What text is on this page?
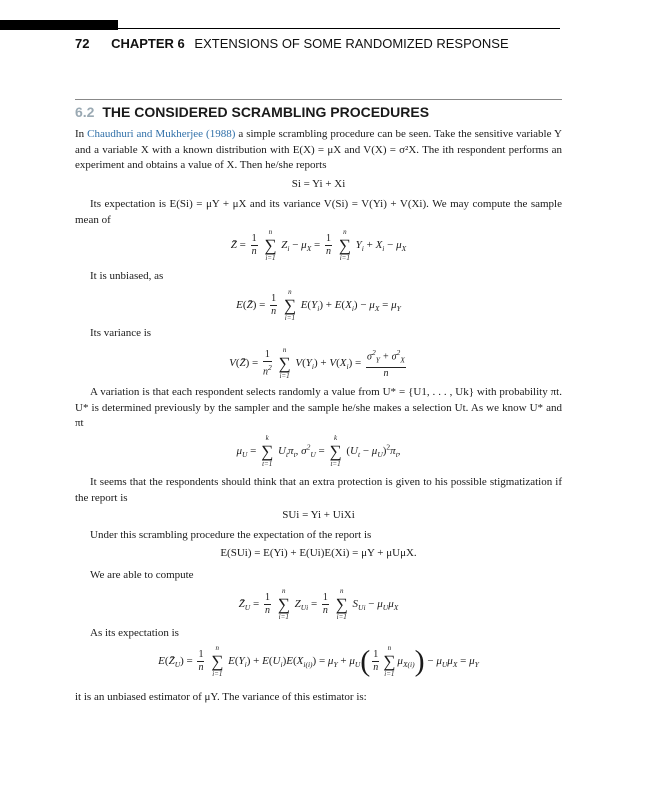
72 CHAPTER 6 EXTENSIONS OF SOME RANDOMIZED RESPONSE
6.2 THE CONSIDERED SCRAMBLING PROCEDURES
In Chaudhuri and Mukherjee (1988) a simple scrambling procedure can be seen. Take the sensitive variable Y and a variable X with a known distribution with E(X) = μX and V(X) = σ²X. The ith respondent performs an experiment and obtains a value of X. Then he/she reports
Si = Yi + Xi
Its expectation is E(Si) = μY + μX and its variance V(Si) = V(Yi) + V(Xi). We may compute the sample mean of
Z̄ = $\frac{1}{n}$

n
∑
i=1
$Z_i - \mu_X = \frac{1}{n}$

n
∑
i=1
$Y_i + X_i - \mu_X$
It is unbiased, as
E(Z̄) = $\frac{1}{n}$

n
∑
i=1
$E(Y_i) + E(X_i) - \mu_X = \mu_Y$
Its variance is
V(Z̄) = $\frac{1}{n^2}$
	n
∑
i=1
$V(Y_i) + V(X_i) = \frac{\sigma^2_Y + \sigma^2_X}{n}$
A variation is that each respondent selects randomly a value from U* = {U1, . . . , Uk} with probability πt. U* is determined previously by the sampler and the sample he/she makes a selection Ut. As we know U* and πt
$\mu_U$ =
k
∑
t=1
$U_t\pi_t$, $\sigma^2_U$ =
k
∑
t=1
$(U_t - \mu_U)^2\pi_t$,
It seems that the respondents should think that an extra protection is given to his possible stigmatization if the report is
SUi = Yi + UiXi
Under this scrambling procedure the expectation of the report is
E(SUi) = E(Yi) + E(Ui)E(Xi) = μY + μUμX.
We are able to compute
$Z̄_U = \frac{1}{n}$

n
∑
i=1
$Z_{Ui} = \frac{1}{n}$

n
∑
i=1
$S_{Ui} - \mu_U\mu_X$
As its expectation is
$E(Z̄_U) = \frac{1}{n}$

n
∑
i=1
$E(Y_i) + E(U_i)E(X_{i(i)}) = \mu_Y + \mu_U( \frac{1}{n}$
n
∑
i=1
$\mu_{X(i)}) - \mu_U\mu_X = \mu_Y$
it is an unbiased estimator of μY. The variance of this estimator is:
